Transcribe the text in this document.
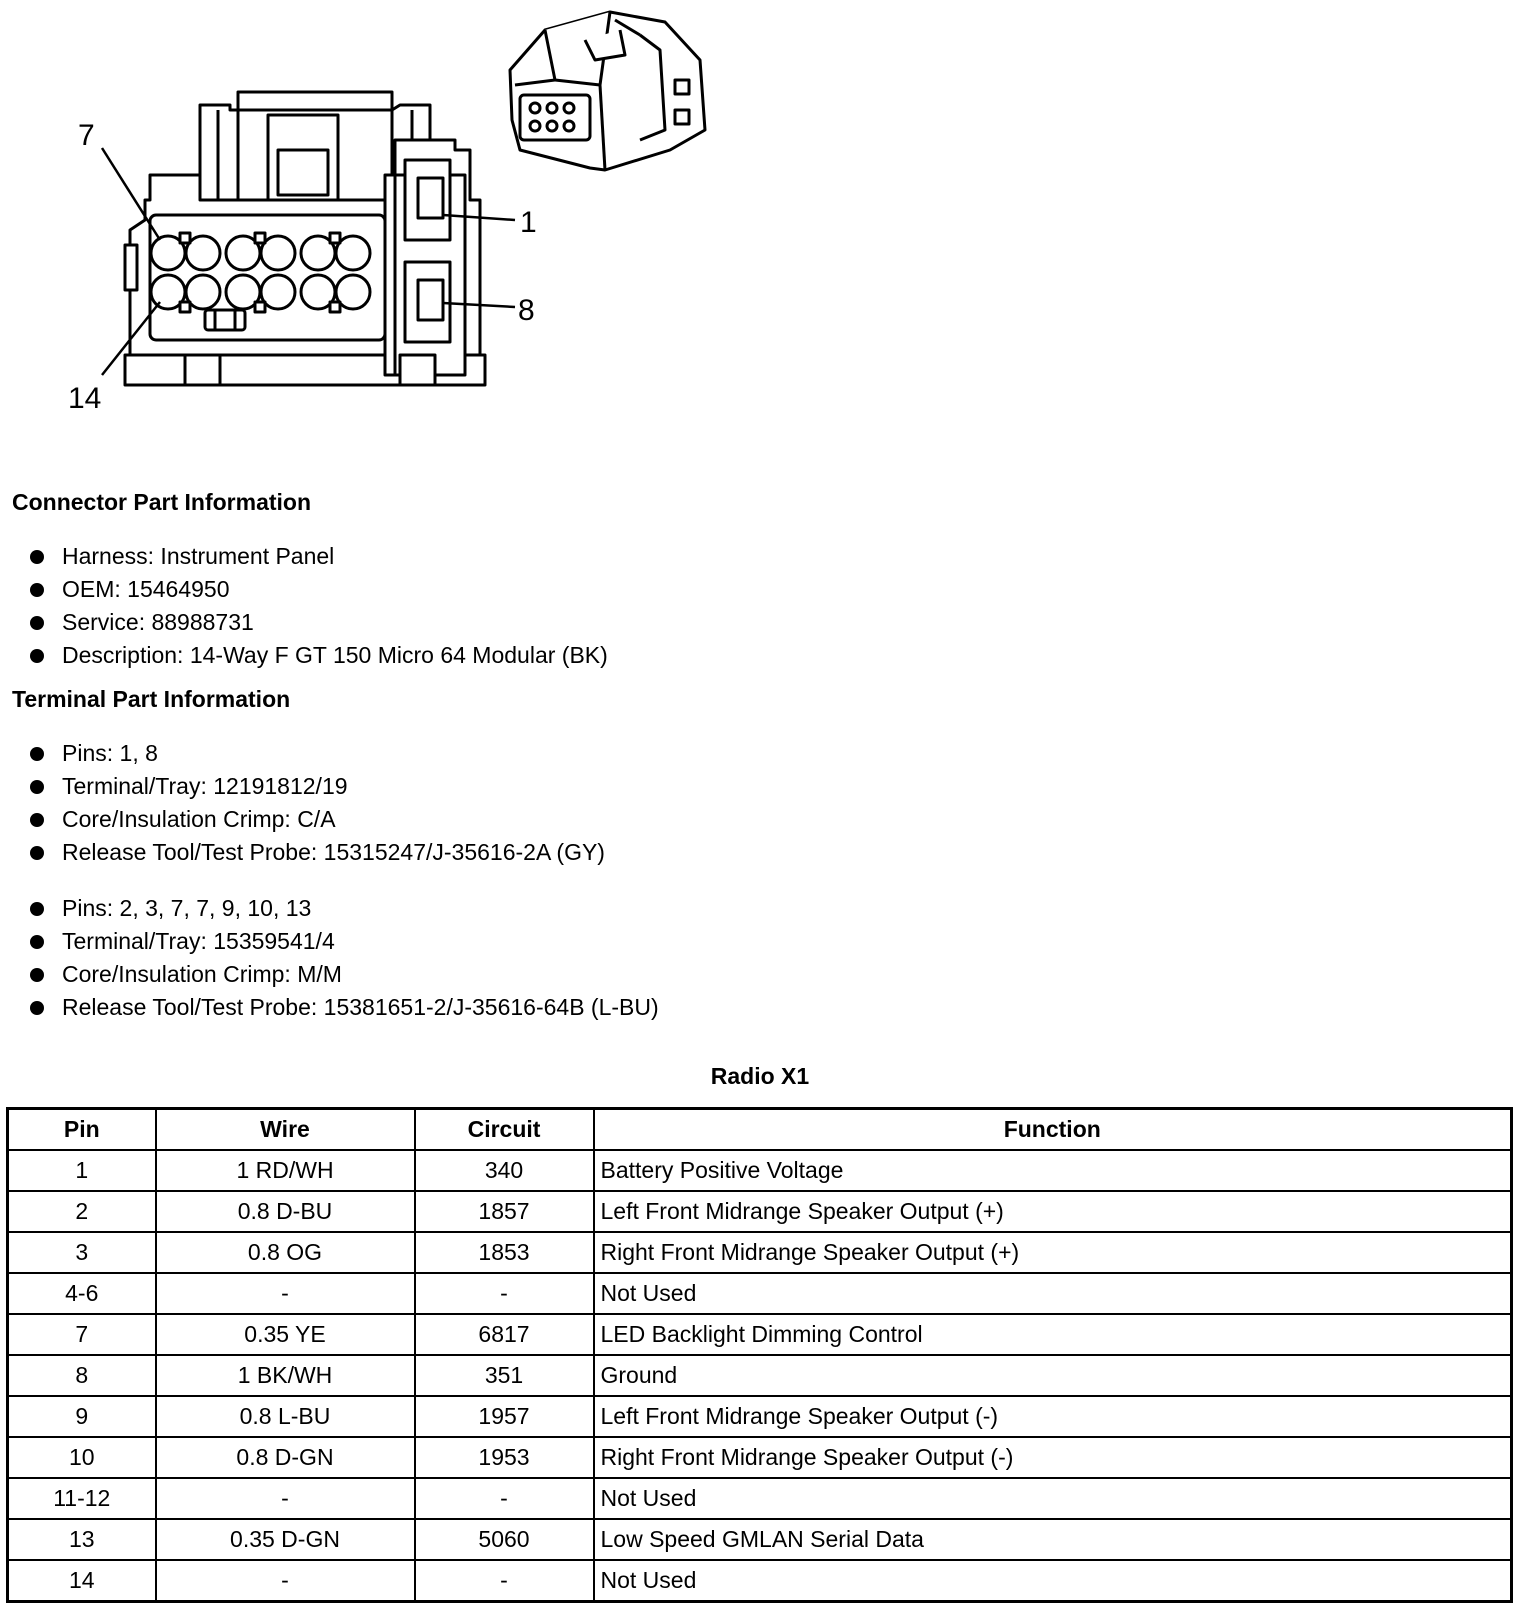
7
14
1
8
Connector Part Information
Harness: Instrument Panel
OEM: 15464950
Service: 88988731
Description: 14-Way F GT 150 Micro 64 Modular (BK)
Terminal Part Information
Pins: 1, 8
Terminal/Tray: 12191812/19
Core/Insulation Crimp: C/A
Release Tool/Test Probe: 15315247/J-35616-2A (GY)
Pins: 2, 3, 7, 7, 9, 10, 13
Terminal/Tray: 15359541/4
Core/Insulation Crimp: M/M
Release Tool/Test Probe: 15381651-2/J-35616-64B (L-BU)
Radio X1
Pin	Wire	Circuit	Function
1	1 RD/WH	340	Battery Positive Voltage
2	0.8 D-BU	1857	Left Front Midrange Speaker Output (+)
3	0.8 OG	1853	Right Front Midrange Speaker Output (+)
4-6	-	-	Not Used
7	0.35 YE	6817	LED Backlight Dimming Control
8	1 BK/WH	351	Ground
9	0.8 L-BU	1957	Left Front Midrange Speaker Output (-)
10	0.8 D-GN	1953	Right Front Midrange Speaker Output (-)
11-12	-	-	Not Used
13	0.35 D-GN	5060	Low Speed GMLAN Serial Data
14	-	-	Not Used
